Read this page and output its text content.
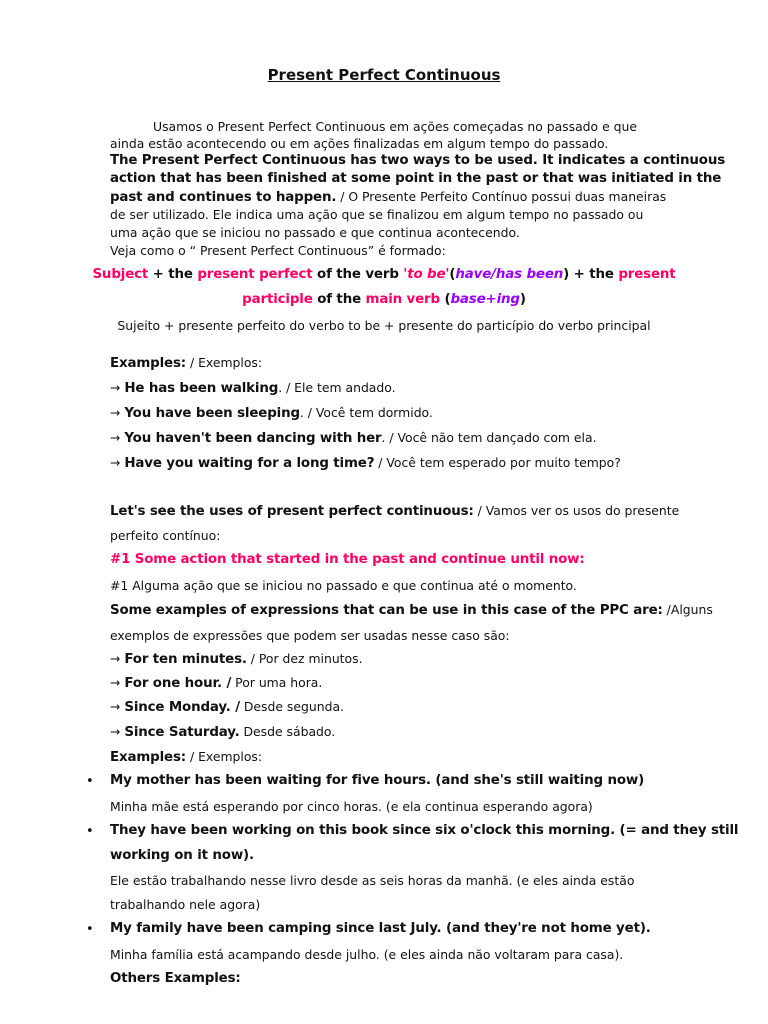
Present Perfect Continuous
Usamos o Present Perfect Continuous em ações começadas no passado e que
ainda estão acontecendo ou em ações finalizadas em algum tempo do passado.
The Present Perfect Continuous has two ways to be used. It indicates a continuous
action that has been finished at some point in the past or that was initiated in the
past and continues to happen. / O Presente Perfeito Contínuo possui duas maneiras
de ser utilizado. Ele indica uma ação que se finalizou em algum tempo no passado ou
uma ação que se iniciou no passado e que continua acontecendo.
Veja como o “ Present Perfect Continuous” é formado:
Subject + the present perfect of the verb 'to be'(have/has been) + the present
participle of the main verb (base+ing)
Sujeito + presente perfeito do verbo to be + presente do particípio do verbo principal
Examples: / Exemplos:
→ He has been walking. / Ele tem andado.
→ You have been sleeping. / Você tem dormido.
→ You haven't been dancing with her. / Você não tem dançado com ela.
→ Have you waiting for a long time? / Você tem esperado por muito tempo?
Let's see the uses of present perfect continuous: / Vamos ver os usos do presente
perfeito contínuo:
#1 Some action that started in the past and continue until now:
#1 Alguma ação que se iniciou no passado e que continua até o momento.
Some examples of expressions that can be use in this case of the PPC are: /Alguns
exemplos de expressões que podem ser usadas nesse caso são:
→ For ten minutes. / Por dez minutos.
→ For one hour. / Por uma hora.
→ Since Monday. / Desde segunda.
→ Since Saturday. Desde sábado.
Examples: / Exemplos:
• My mother has been waiting for five hours. (and she's still waiting now)
Minha mãe está esperando por cinco horas. (e ela continua esperando agora)
• They have been working on this book since six o'clock this morning. (= and they still
working on it now).
Ele estão trabalhando nesse livro desde as seis horas da manhã. (e eles ainda estão
trabalhando nele agora)
• My family have been camping since last July. (and they're not home yet).
Minha família está acampando desde julho. (e eles ainda não voltaram para casa).
Others Examples:
